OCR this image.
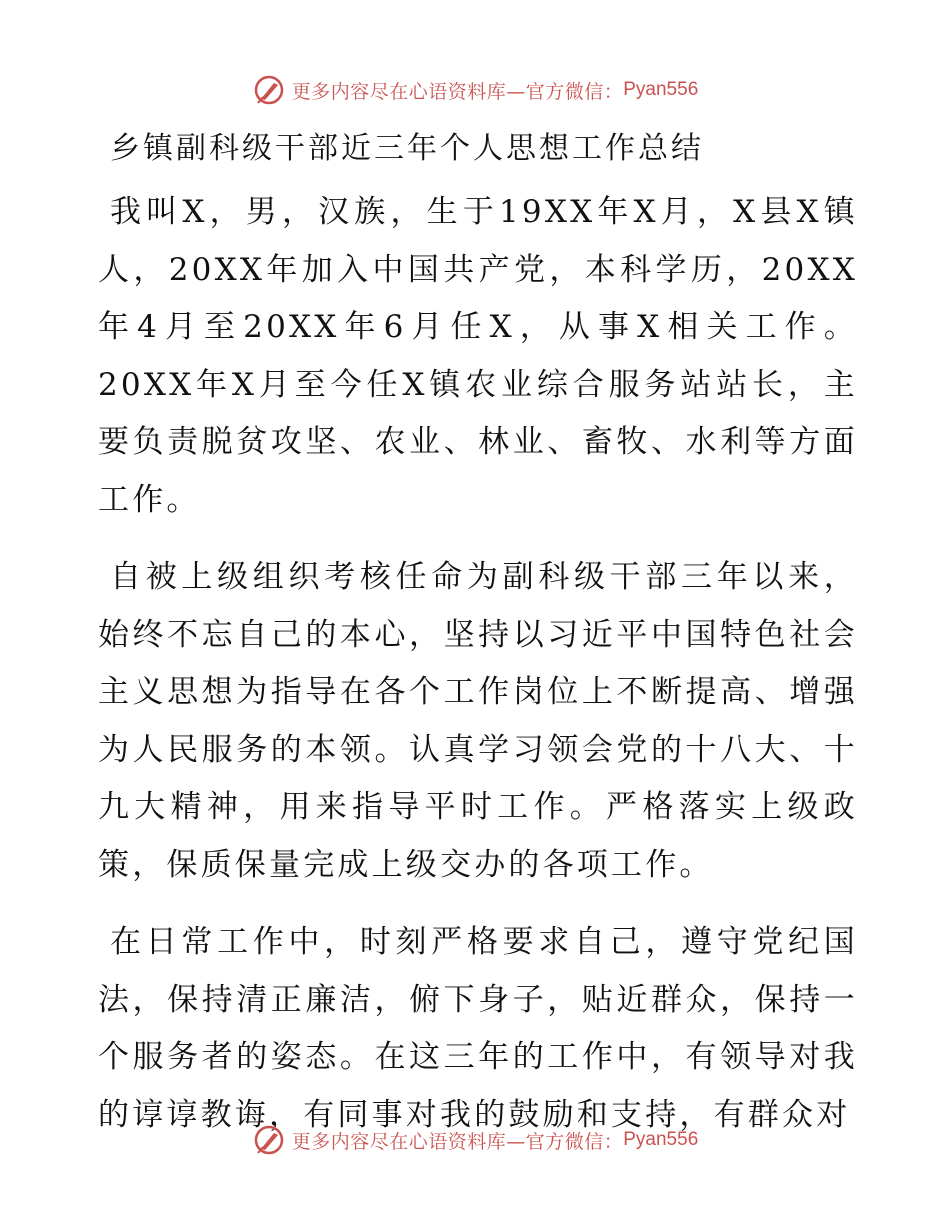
更多内容尽在心语资料库—官方微信： Pyan556
乡镇副科级干部近三年个人思想工作总结

我叫X，男，汉族，生于19XX年X月，X县X镇人，20XX年加入中国共产党，本科学历，20XX年4月至20XX年6月任X，从事X相关工作。20XX年X月至今任X镇农业综合服务站站长，主要负责脱贫攻坚、农业、林业、畜牧、水利等方面工作。

自被上级组织考核任命为副科级干部三年以来，始终不忘自己的本心，坚持以习近平中国特色社会主义思想为指导在各个工作岗位上不断提高、增强为人民服务的本领。认真学习领会党的十八大、十九大精神，用来指导平时工作。严格落实上级政策，保质保量完成上级交办的各项工作。

在日常工作中，时刻严格要求自己，遵守党纪国法，保持清正廉洁，俯下身子，贴近群众，保持一个服务者的姿态。在这三年的工作中，有领导对我的谆谆教诲，有同事对我的鼓励和支持，有群众对

更多内容尽在心语资料库—官方微信： Pyan556
